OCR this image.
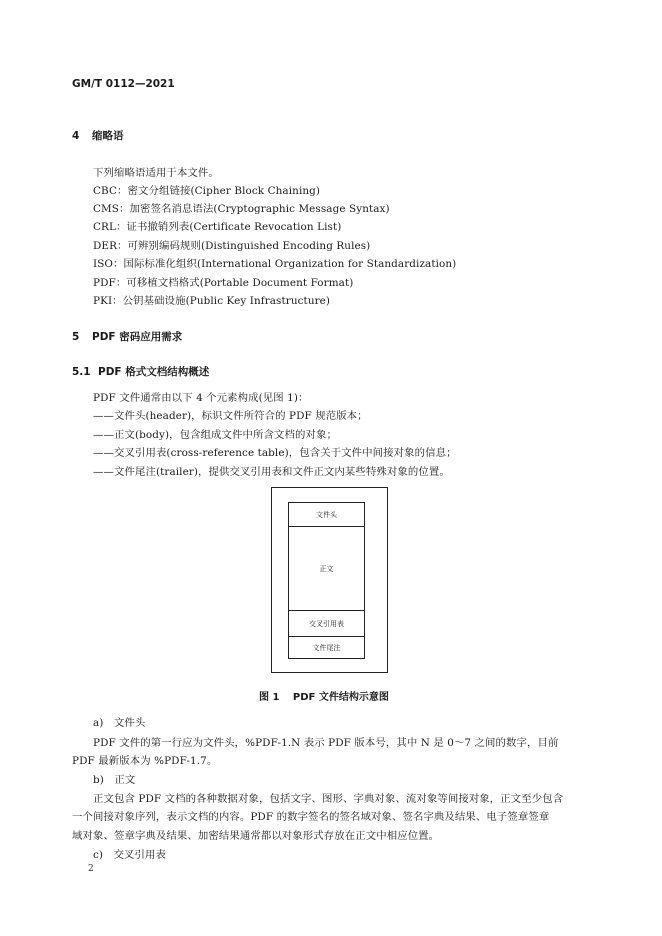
GM/T 0112—2021
4 缩略语
下列缩略语适用于本文件。
CBC：密文分组链接(Cipher Block Chaining)
CMS：加密签名消息语法(Cryptographic Message Syntax)
CRL：证书撤销列表(Certificate Revocation List)
DER：可辨别编码规则(Distinguished Encoding Rules)
ISO：国际标准化组织(International Organization for Standardization)
PDF：可移植文档格式(Portable Document Format)
PKI：公钥基础设施(Public Key Infrastructure)
5 PDF 密码应用需求
5.1 PDF 格式文档结构概述
PDF 文件通常由以下 4 个元素构成(见图 1)：
——文件头(header)，标识文件所符合的 PDF 规范版本；
——正文(body)，包含组成文件中所含文档的对象；
——交叉引用表(cross-reference table)，包含关于文件中间接对象的信息；
——文件尾注(trailer)，提供交叉引用表和文件正文内某些特殊对象的位置。
文件头
正文
交叉引用表
文件尾注
图 1　 PDF 文件结构示意图
a)　文件头
PDF 文件的第一行应为文件头，%PDF-1.N 表示 PDF 版本号，其中 N 是 0～7 之间的数字，目前
PDF 最新版本为 %PDF-1.7。
b)　正文
正文包含 PDF 文档的各种数据对象，包括文字、图形、字典对象、流对象等间接对象，正文至少包含
一个间接对象序列，表示文档的内容。PDF 的数字签名的签名域对象、签名字典及结果、电子签章签章
域对象、签章字典及结果、加密结果通常都以对象形式存放在正文中相应位置。
c)　交叉引用表
2
